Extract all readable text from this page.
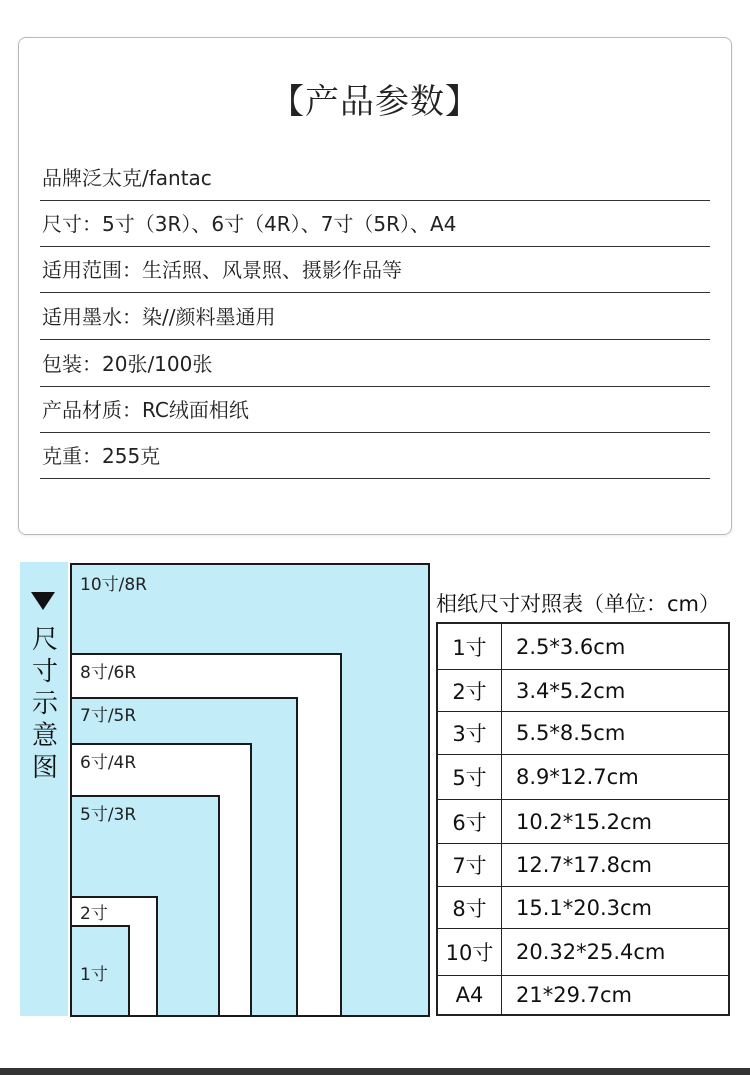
【产品参数】
品牌泛太克/fantac
尺寸：5寸（3R）、6寸（4R）、7寸（5R）、A4
适用范围：生活照、风景照、摄影作品等
适用墨水：染//颜料墨通用
包装：20张/100张
产品材质：RC绒面相纸
克重：255克
尺
寸
示
意
图
10寸/8R
8寸/6R
7寸/5R
6寸/4R
5寸/3R
2寸
1寸
相纸尺寸对照表（单位：cm）
1寸	2.5*3.6cm
2寸	3.4*5.2cm
3寸	5.5*8.5cm
5寸	8.9*12.7cm
6寸	10.2*15.2cm
7寸	12.7*17.8cm
8寸	15.1*20.3cm
10寸	20.32*25.4cm
A4	21*29.7cm
